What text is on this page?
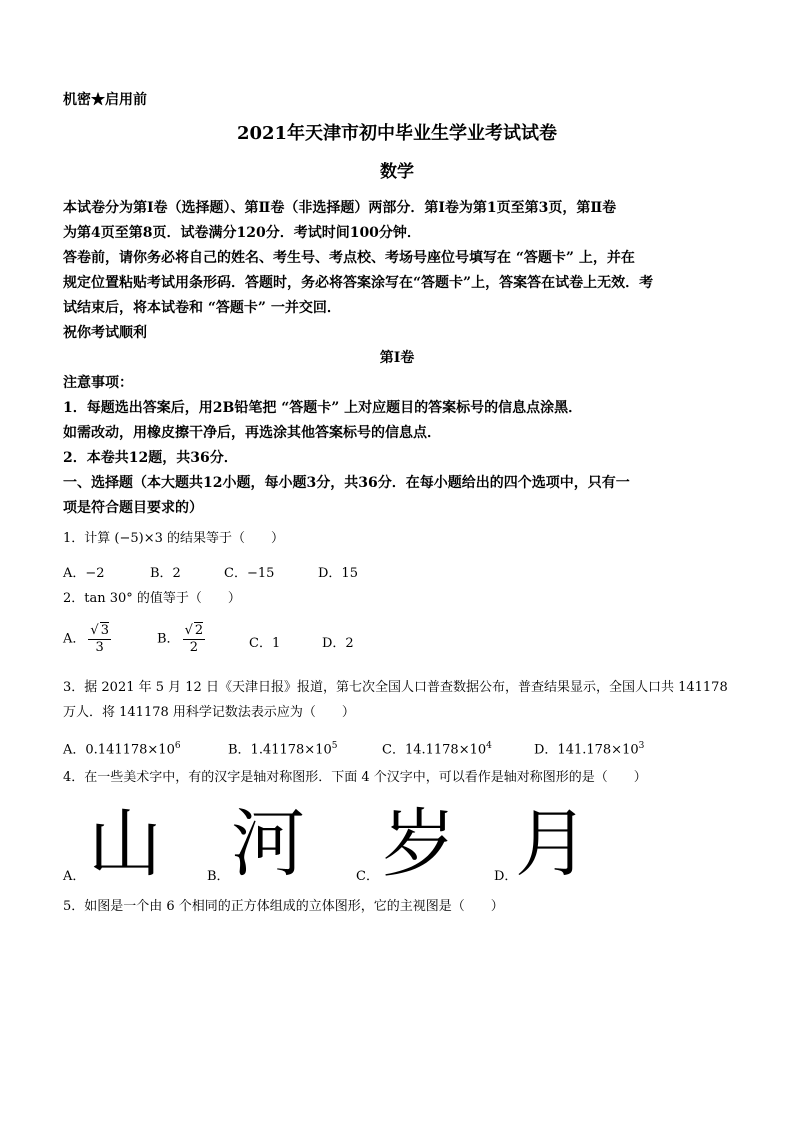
机密★启用前
2021年天津市初中毕业生学业考试试卷
数学
本试卷分为第Ⅰ卷（选择题）、第Ⅱ卷（非选择题）两部分．第Ⅰ卷为第1页至第3页，第Ⅱ卷
为第4页至第8页．试卷满分120分．考试时间100分钟．
答卷前，请你务必将自己的姓名、考生号、考点校、考场号座位号填写在 “答题卡” 上，并在
规定位置粘贴考试用条形码．答题时，务必将答案涂写在“答题卡”上，答案答在试卷上无效．考
试结束后，将本试卷和 “答题卡” 一并交回．
祝你考试顺利
第Ⅰ卷
注意事项：
1．每题选出答案后，用2B铅笔把 “答题卡” 上对应题目的答案标号的信息点涂黑．
如需改动，用橡皮擦干净后，再选涂其他答案标号的信息点．
2．本卷共12题，共36分．
一、选择题（本大题共12小题，每小题3分，共36分．在每小题给出的四个选项中，只有一
项是符合题目要求的）
1．计算 (−5)×3 的结果等于（　　）
A．−2	B．2	C．−15	D．15
2．tan 30° 的值等于（　　）
A． $\frac{√ 3}{3}$	B． $\frac{√ 2}{2}$	C．1	D．2
3．据 2021 年 5 月 12 日《天津日报》报道，第七次全国人口普查数据公布，普查结果显示，全国人口共 141178
万人．将 141178 用科学记数法表示应为（　　）
A．$0.141178\times 10^6$	B．$1.41178\times 10^5$	C．$14.1178\times 10^4$	D．$141.178\times 10^3$
4．在一些美术字中，有的汉字是轴对称图形．下面 4 个汉字中，可以看作是轴对称图形的是（　　）
山 河 岁 月
A．	B．	C．	D．
5．如图是一个由 6 个相同的正方体组成的立体图形，它的主视图是（　　）
